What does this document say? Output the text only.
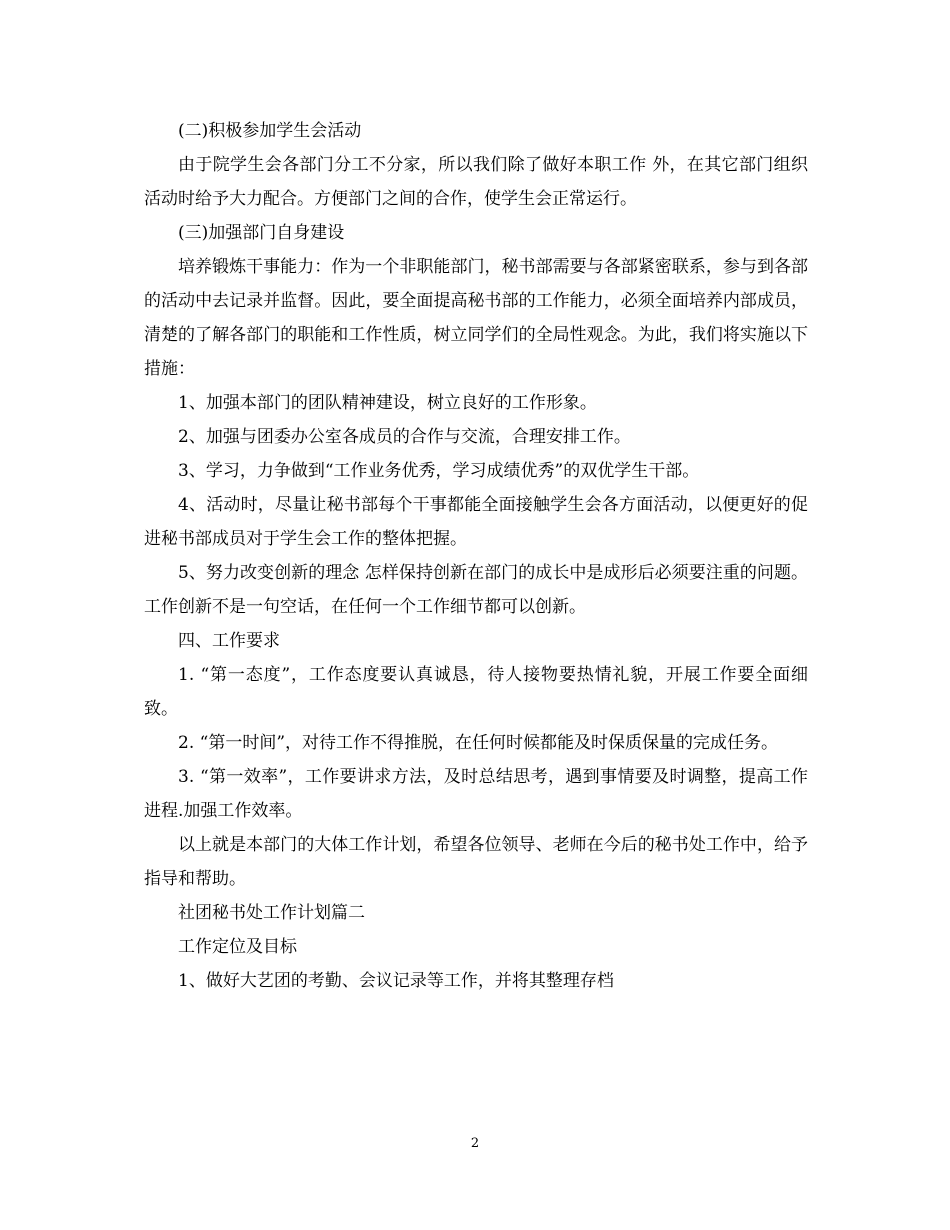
(二)积极参加学生会活动

由于院学生会各部门分工不分家，所以我们除了做好本职工作 外，在其它部门组织活动时给予大力配合。方便部门之间的合作，使学生会正常运行。

(三)加强部门自身建设

培养锻炼干事能力：作为一个非职能部门，秘书部需要与各部紧密联系，参与到各部的活动中去记录并监督。因此，要全面提高秘书部的工作能力，必须全面培养内部成员，清楚的了解各部门的职能和工作性质，树立同学们的全局性观念。为此，我们将实施以下措施：

1、加强本部门的团队精神建设，树立良好的工作形象。

2、加强与团委办公室各成员的合作与交流，合理安排工作。

3、学习，力争做到“工作业务优秀，学习成绩优秀”的双优学生干部。

4、活动时，尽量让秘书部每个干事都能全面接触学生会各方面活动，以便更好的促进秘书部成员对于学生会工作的整体把握。

5、努力改变创新的理念 怎样保持创新在部门的成长中是成形后必须要注重的问题。工作创新不是一句空话，在任何一个工作细节都可以创新。

四、工作要求

1. “第一态度”，工作态度要认真诚恳，待人接物要热情礼貌，开展工作要全面细致。

2. “第一时间”，对待工作不得推脱，在任何时候都能及时保质保量的完成任务。

3. “第一效率”，工作要讲求方法，及时总结思考，遇到事情要及时调整，提高工作进程.加强工作效率。

以上就是本部门的大体工作计划，希望各位领导、老师在今后的秘书处工作中，给予指导和帮助。

社团秘书处工作计划篇二

工作定位及目标

1、做好大艺团的考勤、会议记录等工作，并将其整理存档

2
